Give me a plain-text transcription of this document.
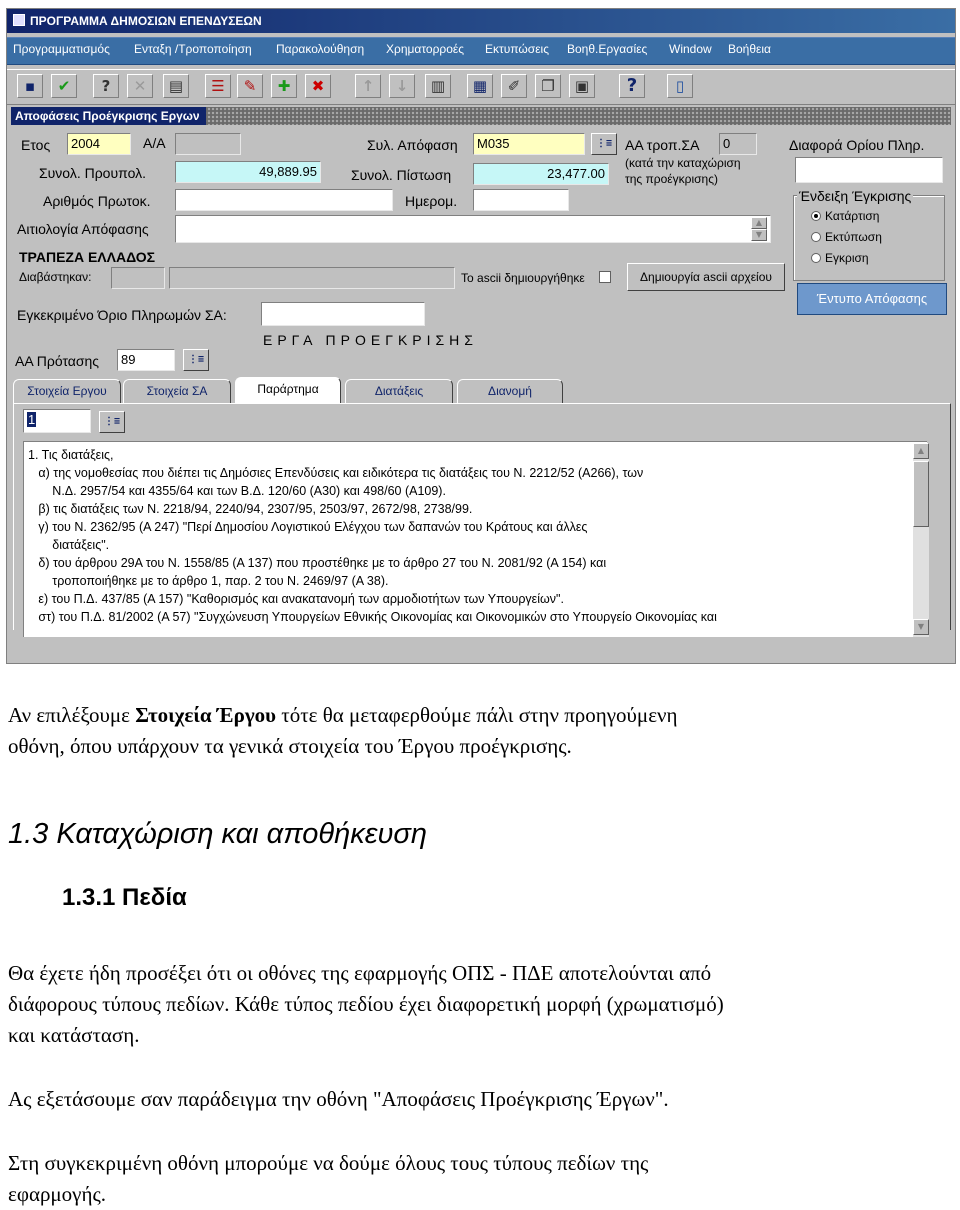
ΠΡΟΓΡΑΜΜΑ ΔΗΜΟΣΙΩΝ ΕΠΕΝΔΥΣΕΩΝ
Προγραμματισμός Ενταξη /Τροποποίηση Παρακολούθηση Χρηματορροές Εκτυπώσεις Βοηθ.Εργασίες Window Βοήθεια
▪	✔	?	✕	▤	☰	✎	✚	✖	↑	↓	▥	▦	✐	❐	▣	?	▯
Αποφάσεις Προέγκρισης Εργων
Ετος	2004	Α/Α
Συνολ. Προυπολ.	49,889.95
Αριθμός Πρωτοκ.
Αιτιολογία Απόφασης	▲
▼
Συλ. Απόφαση	Μ035	⋮≡
Συνολ. Πίστωση	23,477.00
Ημερομ.
ΑΑ τροπ.ΣΑ	0
(κατά την καταχώριση
της προέγκρισης)
Διαφορά Ορίου Πληρ.
Ένδειξη Έγκρισης
Κατάρτιση
Εκτύπωση
Εγκριση
ΤΡΑΠΕΖΑ ΕΛΛΑΔΟΣ
Διαβάστηκαν:	Το ascii δημιουργήθηκε	Δημιουργία ascii αρχείου
Έντυπο Απόφασης
Εγκεκριμένο Όριο Πληρωμών ΣΑ:
ΕΡΓΑ ΠΡΟΕΓΚΡΙΣΗΣ
ΑΑ Πρότασης	89	⋮≡
Στοιχεία Εργου	Στοιχεία ΣΑ	Παράρτημα	Διατάξεις	Διανομή
1	⋮≡
1. Τις διατάξεις,
α) της νομοθεσίας που διέπει τις Δημόσιες Επενδύσεις και ειδικότερα τις διατάξεις του Ν. 2212/52 (Α266), των
Ν.Δ. 2957/54 και 4355/64 και των Β.Δ. 120/60 (Α30) και 498/60 (Α109).
β) τις διατάξεις των Ν. 2218/94, 2240/94, 2307/95, 2503/97, 2672/98, 2738/99.
γ) του Ν. 2362/95 (Α 247) "Περί Δημοσίου Λογιστικού Ελέγχου των δαπανών του Κράτους και άλλες
διατάξεις".
δ) του άρθρου 29Α του Ν. 1558/85 (Α 137) που προστέθηκε με το άρθρο 27 του Ν. 2081/92 (Α 154) και
τροποποιήθηκε με το άρθρο 1, παρ. 2 του Ν. 2469/97 (Α 38).
ε) του Π.Δ. 437/85 (Α 157) "Καθορισμός και ανακατανομή των αρμοδιοτήτων των Υπουργείων".
στ) του Π.Δ. 81/2002 (Α 57) "Συγχώνευση Υπουργείων Εθνικής Οικονομίας και Οικονομικών στο Υπουργείο Οικονομίας και
▲
▼
Αν επιλέξουμε Στοιχεία Έργου τότε θα μεταφερθούμε πάλι στην προηγούμενη
οθόνη, όπου υπάρχουν τα γενικά στοιχεία του Έργου προέγκρισης.
1.3 Καταχώριση και αποθήκευση
1.3.1 Πεδία
Θα έχετε ήδη προσέξει ότι οι οθόνες της εφαρμογής ΟΠΣ - ΠΔΕ αποτελούνται από
διάφορους τύπους πεδίων. Κάθε τύπος πεδίου έχει διαφορετική μορφή (χρωματισμό)
και κατάσταση.
Ας εξετάσουμε σαν παράδειγμα την οθόνη "Αποφάσεις Προέγκρισης Έργων".
Στη συγκεκριμένη οθόνη μπορούμε να δούμε όλους τους τύπους πεδίων της
εφαρμογής.
